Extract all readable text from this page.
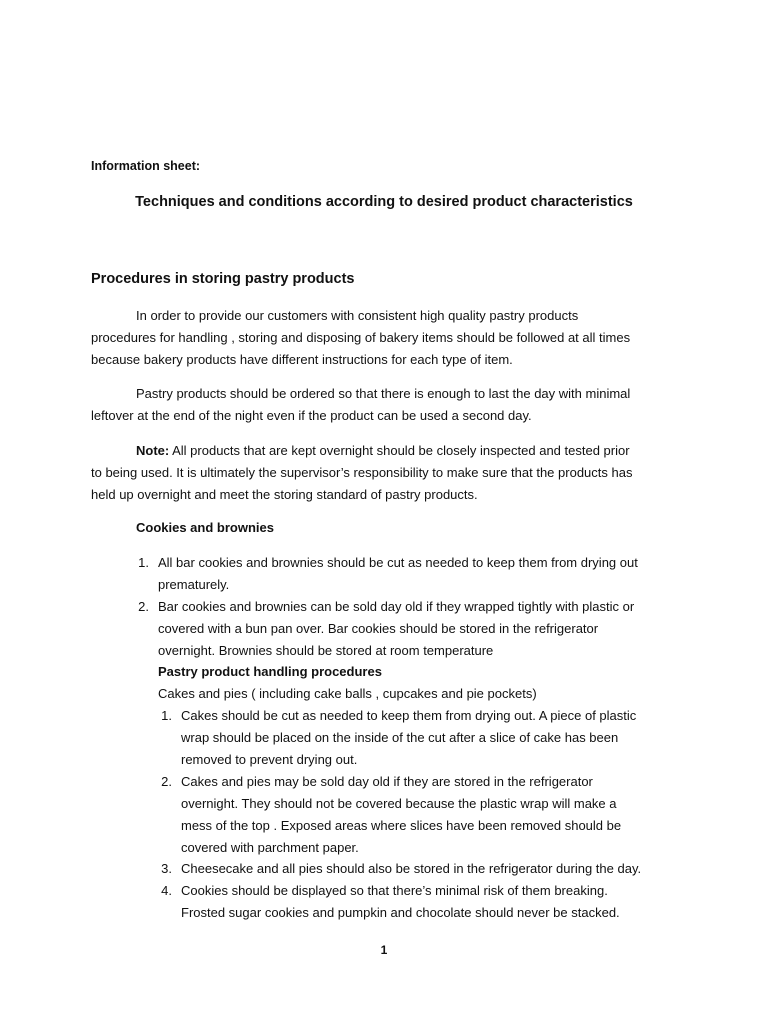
Information sheet:
Techniques and conditions according to desired product characteristics
Procedures in storing pastry products
In order to provide our customers with consistent high quality pastry products
procedures for handling , storing and disposing of bakery items should be followed at all times
because bakery products have different instructions for each type of item.
Pastry products should be ordered so that there is enough to last the day with minimal
leftover at the end of the night even if the product can be used a second day.
Note: All products that are kept overnight should be closely inspected and tested prior
to being used. It is ultimately the supervisor’s responsibility to make sure that the products has
held up overnight and meet the storing standard of pastry products.
Cookies and brownies
1. All bar cookies and brownies should be cut as needed to keep them from drying out
prematurely.
2. Bar cookies and brownies can be sold day old if they wrapped tightly with plastic or
covered with a bun pan over. Bar cookies should be stored in the refrigerator
overnight. Brownies should be stored at room temperature
Pastry product handling procedures
Cakes and pies ( including cake balls , cupcakes and pie pockets)
1. Cakes should be cut as needed to keep them from drying out. A piece of plastic
wrap should be placed on the inside of the cut after a slice of cake has been
removed to prevent drying out.
2. Cakes and pies may be sold day old if they are stored in the refrigerator
overnight. They should not be covered because the plastic wrap will make a
mess of the top . Exposed areas where slices have been removed should be
covered with parchment paper.
3. Cheesecake and all pies should also be stored in the refrigerator during the day.
4. Cookies should be displayed so that there’s minimal risk of them breaking.
Frosted sugar cookies and pumpkin and chocolate should never be stacked.
1
